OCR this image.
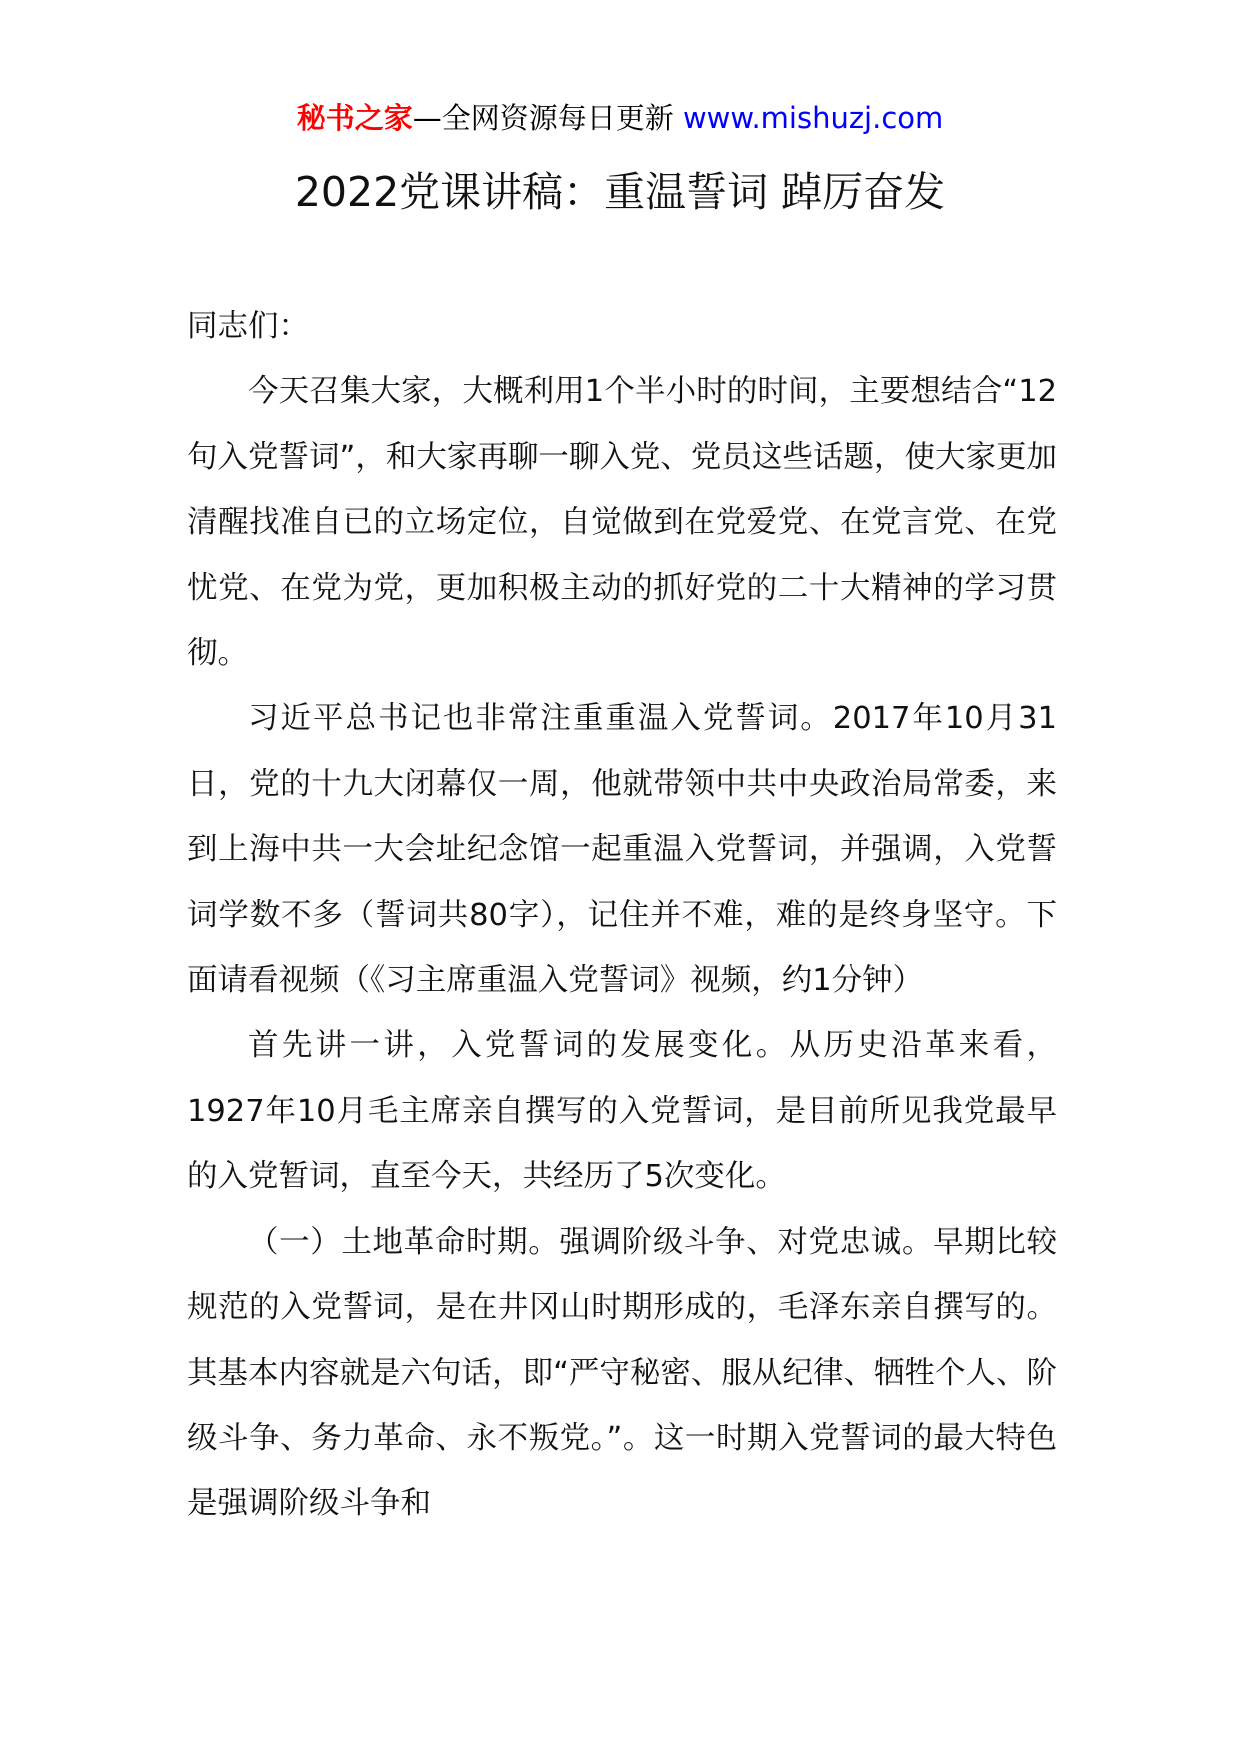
秘书之家—全网资源每日更新 www.mishuzj.com
2022党课讲稿：重温誓词 踔厉奋发

同志们：

今天召集大家，大概利用1个半小时的时间，主要想结合“12句入党誓词”，和大家再聊一聊入党、党员这些话题，使大家更加清醒找准自已的立场定位，自觉做到在党爱党、在党言党、在党忧党、在党为党，更加积极主动的抓好党的二十大精神的学习贯彻。

习近平总书记也非常注重重温入党誓词。2017年10月31日，党的十九大闭幕仅一周，他就带领中共中央政治局常委，来到上海中共一大会址纪念馆一起重温入党誓词，并强调，入党誓词学数不多（誓词共80字），记住并不难，难的是终身坚守。下面请看视频（《习主席重温入党誓词》视频，约1分钟）

首先讲一讲，入党誓词的发展变化。从历史沿革来看，1927年10月毛主席亲自撰写的入党誓词，是目前所见我党最早的入党暂词，直至今天，共经历了5次变化。

（一）土地革命时期。强调阶级斗争、对党忠诚。早期比较规范的入党誓词，是在井冈山时期形成的，毛泽东亲自撰写的。其基本内容就是六句话，即“严守秘密、服从纪律、牺牲个人、阶级斗争、务力革命、永不叛党。”。这一时期入党誓词的最大特色是强调阶级斗争和
